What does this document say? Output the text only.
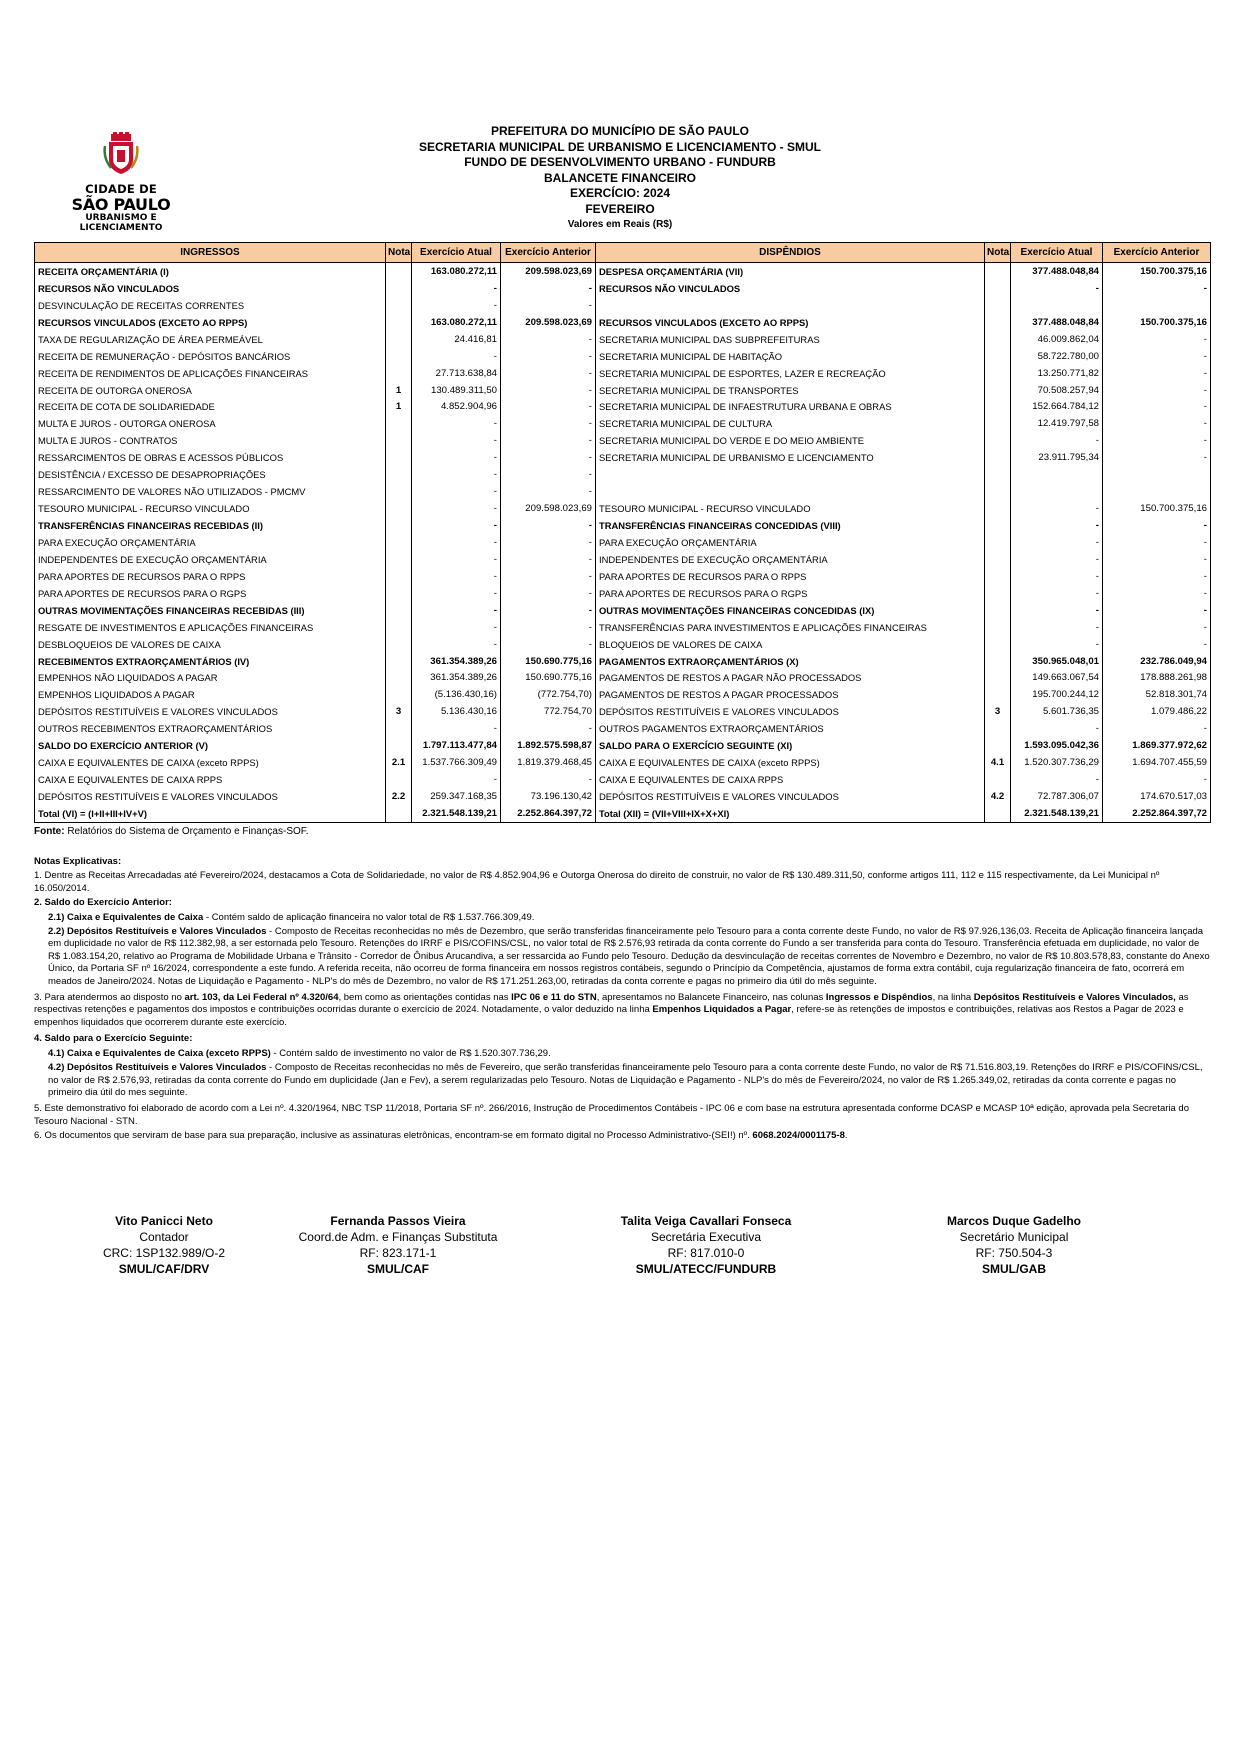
CIDADE DE
SÃO PAULO
URBANISMO E
LICENCIAMENTO
PREFEITURA DO MUNICÍPIO DE SÃO PAULO
SECRETARIA MUNICIPAL DE URBANISMO E LICENCIAMENTO - SMUL
FUNDO DE DESENVOLVIMENTO URBANO - FUNDURB
BALANCETE FINANCEIRO
EXERCÍCIO: 2024
FEVEREIRO
Valores em Reais (R$)
INGRESSOS	Nota	Exercício Atual	Exercício Anterior	DISPÊNDIOS	Nota	Exercício Atual	Exercício Anterior
RECEITA ORÇAMENTÁRIA (I)		163.080.272,11	209.598.023,69	DESPESA ORÇAMENTÁRIA (VII)		377.488.048,84	150.700.375,16
RECURSOS NÃO VINCULADOS		-	-	RECURSOS NÃO VINCULADOS		-	-
DESVINCULAÇÃO DE RECEITAS CORRENTES		-	-				
RECURSOS VINCULADOS (EXCETO AO RPPS)		163.080.272,11	209.598.023,69	RECURSOS VINCULADOS (EXCETO AO RPPS)		377.488.048,84	150.700.375,16
TAXA DE REGULARIZAÇÃO DE ÁREA PERMEÁVEL		24.416,81	-	SECRETARIA MUNICIPAL DAS SUBPREFEITURAS		46.009.862,04	-
RECEITA DE REMUNERAÇÃO - DEPÓSITOS BANCÁRIOS		-	-	SECRETARIA MUNICIPAL DE HABITAÇÃO		58.722.780,00	-
RECEITA DE RENDIMENTOS DE APLICAÇÕES FINANCEIRAS		27.713.638,84	-	SECRETARIA MUNICIPAL DE ESPORTES, LAZER E RECREAÇÃO		13.250.771,82	-
RECEITA DE OUTORGA ONEROSA	1	130.489.311,50	-	SECRETARIA MUNICIPAL DE TRANSPORTES		70.508.257,94	-
RECEITA DE COTA DE SOLIDARIEDADE	1	4.852.904,96	-	SECRETARIA MUNICIPAL DE INFAESTRUTURA URBANA E OBRAS		152.664.784,12	-
MULTA E JUROS - OUTORGA ONEROSA		-	-	SECRETARIA MUNICIPAL DE CULTURA		12.419.797,58	-
MULTA E JUROS - CONTRATOS		-	-	SECRETARIA MUNICIPAL DO VERDE E DO MEIO AMBIENTE		-	-
RESSARCIMENTOS DE OBRAS E ACESSOS PÚBLICOS		-	-	SECRETARIA MUNICIPAL DE URBANISMO E LICENCIAMENTO		23.911.795,34	-
DESISTÊNCIA / EXCESSO DE DESAPROPRIAÇÕES		-	-				
RESSARCIMENTO DE VALORES NÃO UTILIZADOS - PMCMV		-	-				
TESOURO MUNICIPAL - RECURSO VINCULADO		-	209.598.023,69	TESOURO MUNICIPAL - RECURSO VINCULADO		-	150.700.375,16
TRANSFERÊNCIAS FINANCEIRAS RECEBIDAS (II)		-	-	TRANSFERÊNCIAS FINANCEIRAS CONCEDIDAS (VIII)		-	-
PARA EXECUÇÃO ORÇAMENTÁRIA		-	-	PARA EXECUÇÃO ORÇAMENTÁRIA		-	-
INDEPENDENTES DE EXECUÇÃO ORÇAMENTÁRIA		-	-	INDEPENDENTES DE EXECUÇÃO ORÇAMENTÁRIA		-	-
PARA APORTES DE RECURSOS PARA O RPPS		-	-	PARA APORTES DE RECURSOS PARA O RPPS		-	-
PARA APORTES DE RECURSOS PARA O RGPS		-	-	PARA APORTES DE RECURSOS PARA O RGPS		-	-
OUTRAS MOVIMENTAÇÕES FINANCEIRAS RECEBIDAS (III)		-	-	OUTRAS MOVIMENTAÇÕES FINANCEIRAS CONCEDIDAS (IX)		-	-
RESGATE DE INVESTIMENTOS E APLICAÇÕES FINANCEIRAS		-	-	TRANSFERÊNCIAS PARA INVESTIMENTOS E APLICAÇÕES FINANCEIRAS		-	-
DESBLOQUEIOS DE VALORES DE CAIXA		-	-	BLOQUEIOS DE VALORES DE CAIXA		-	-
RECEBIMENTOS EXTRAORÇAMENTÁRIOS (IV)		361.354.389,26	150.690.775,16	PAGAMENTOS EXTRAORÇAMENTÁRIOS (X)		350.965.048,01	232.786.049,94
EMPENHOS NÃO LIQUIDADOS A PAGAR		361.354.389,26	150.690.775,16	PAGAMENTOS DE RESTOS A PAGAR NÃO PROCESSADOS		149.663.067,54	178.888.261,98
EMPENHOS LIQUIDADOS A PAGAR		(5.136.430,16)	(772.754,70)	PAGAMENTOS DE RESTOS A PAGAR PROCESSADOS		195.700.244,12	52.818.301,74
DEPÓSITOS RESTITUÍVEIS E VALORES VINCULADOS	3	5.136.430,16	772.754,70	DEPÓSITOS RESTITUÍVEIS E VALORES VINCULADOS	3	5.601.736,35	1.079.486,22
OUTROS RECEBIMENTOS EXTRAORÇAMENTÁRIOS		-	-	OUTROS PAGAMENTOS EXTRAORÇAMENTÁRIOS		-	-
SALDO DO EXERCÍCIO ANTERIOR (V)		1.797.113.477,84	1.892.575.598,87	SALDO PARA O EXERCÍCIO SEGUINTE (XI)		1.593.095.042,36	1.869.377.972,62
CAIXA E EQUIVALENTES DE CAIXA (exceto RPPS)	2.1	1.537.766.309,49	1.819.379.468,45	CAIXA E EQUIVALENTES DE CAIXA (exceto RPPS)	4.1	1.520.307.736,29	1.694.707.455,59
CAIXA E EQUIVALENTES DE CAIXA RPPS		-	-	CAIXA E EQUIVALENTES DE CAIXA RPPS		-	-
DEPÓSITOS RESTITUÍVEIS E VALORES VINCULADOS	2.2	259.347.168,35	73.196.130,42	DEPÓSITOS RESTITUÍVEIS E VALORES VINCULADOS	4.2	72.787.306,07	174.670.517,03
Total (VI) = (I+II+III+IV+V)		2.321.548.139,21	2.252.864.397,72	Total (XII) = (VII+VIII+IX+X+XI)		2.321.548.139,21	2.252.864.397,72
Fonte: Relatórios do Sistema de Orçamento e Finanças-SOF.

Notas Explicativas:

1. Dentre as Receitas Arrecadadas até Fevereiro/2024, destacamos a Cota de Solidariedade, no valor de R$ 4.852.904,96 e Outorga Onerosa do direito de construir, no valor de R$ 130.489.311,50, conforme artigos 111, 112 e 115 respectivamente, da Lei Municipal nº 16.050/2014.

2. Saldo do Exercício Anterior:

2.1) Caixa e Equivalentes de Caixa - Contém saldo de aplicação financeira no valor total de R$ 1.537.766.309,49.

2.2) Depósitos Restituíveis e Valores Vinculados - Composto de Receitas reconhecidas no mês de Dezembro, que serão transferidas financeiramente pelo Tesouro para a conta corrente deste Fundo, no valor de R$ 97.926,136,03. Receita de Aplicação financeira lançada em duplicidade no valor de R$ 112.382,98, a ser estornada pelo Tesouro. Retenções do IRRF e PIS/COFINS/CSL, no valor total de R$ 2.576,93 retirada da conta corrente do Fundo a ser transferida para conta do Tesouro. Transferência efetuada em duplicidade, no valor de R$ 1.083.154,20, relativo ao Programa de Mobilidade Urbana e Trânsito - Corredor de Ônibus Arucandiva, a ser ressarcida ao Fundo pelo Tesouro. Dedução da desvinculação de receitas correntes de Novembro e Dezembro, no valor de R$ 10.803.578,83, constante do Anexo Único, da Portaria SF nº 16/2024, correspondente a este fundo. A referida receita, não ocorreu de forma financeira em nossos registros contábeis, segundo o Princípio da Competência, ajustamos de forma extra contábil, cuja regularização financeira de fato, ocorrerá em meados de Janeiro/2024. Notas de Liquidação e Pagamento - NLP's do mês de Dezembro, no valor de R$ 171.251.263,00, retiradas da conta corrente e pagas no primeiro dia útil do mês seguinte.

3. Para atendermos ao disposto no art. 103, da Lei Federal nº 4.320/64, bem como as orientações contidas nas IPC 06 e 11 do STN, apresentamos no Balancete Financeiro, nas colunas Ingressos e Dispêndios, na linha Depósitos Restituíveis e Valores Vinculados, as respectivas retenções e pagamentos dos impostos e contribuições ocorridas durante o exercício de 2024. Notadamente, o valor deduzido na linha Empenhos Liquidados a Pagar, refere-se às retenções de impostos e contribuições, relativas aos Restos a Pagar de 2023 e empenhos liquidados que ocorrerem durante este exercício.

4. Saldo para o Exercício Seguinte:

4.1) Caixa e Equivalentes de Caixa (exceto RPPS) - Contém saldo de investimento no valor de R$ 1.520.307.736,29.

4.2) Depósitos Restituíveis e Valores Vinculados - Composto de Receitas reconhecidas no mês de Fevereiro, que serão transferidas financeiramente pelo Tesouro para a conta corrente deste Fundo, no valor de R$ 71.516.803,19. Retenções do IRRF e PIS/COFINS/CSL, no valor de R$ 2.576,93, retiradas da conta corrente do Fundo em duplicidade (Jan e Fev), a serem regularizadas pelo Tesouro. Notas de Liquidação e Pagamento - NLP's do mês de Fevereiro/2024, no valor de R$ 1.265.349,02, retiradas da conta corrente e pagas no primeiro dia útil do mes seguinte.

5. Este demonstrativo foi elaborado de acordo com a Lei nº. 4.320/1964, NBC TSP 11/2018, Portaria SF nº. 266/2016, Instrução de Procedimentos Contábeis - IPC 06 e com base na estrutura apresentada conforme DCASP e MCASP 10ª edição, aprovada pela Secretaria do Tesouro Nacional - STN.

6. Os documentos que serviram de base para sua preparação, inclusive as assinaturas eletrônicas, encontram-se em formato digital no Processo Administrativo-(SEI!) nº. 6068.2024/0001175-8.

Vito Panicci Neto
Contador
CRC: 1SP132.989/O-2
SMUL/CAF/DRV
Fernanda Passos Vieira
Coord.de Adm. e Finanças Substituta
RF: 823.171-1
SMUL/CAF
Talita Veiga Cavallari Fonseca
Secretária Executiva
RF: 817.010-0
SMUL/ATECC/FUNDURB
Marcos Duque Gadelho
Secretário Municipal
RF: 750.504-3
SMUL/GAB
